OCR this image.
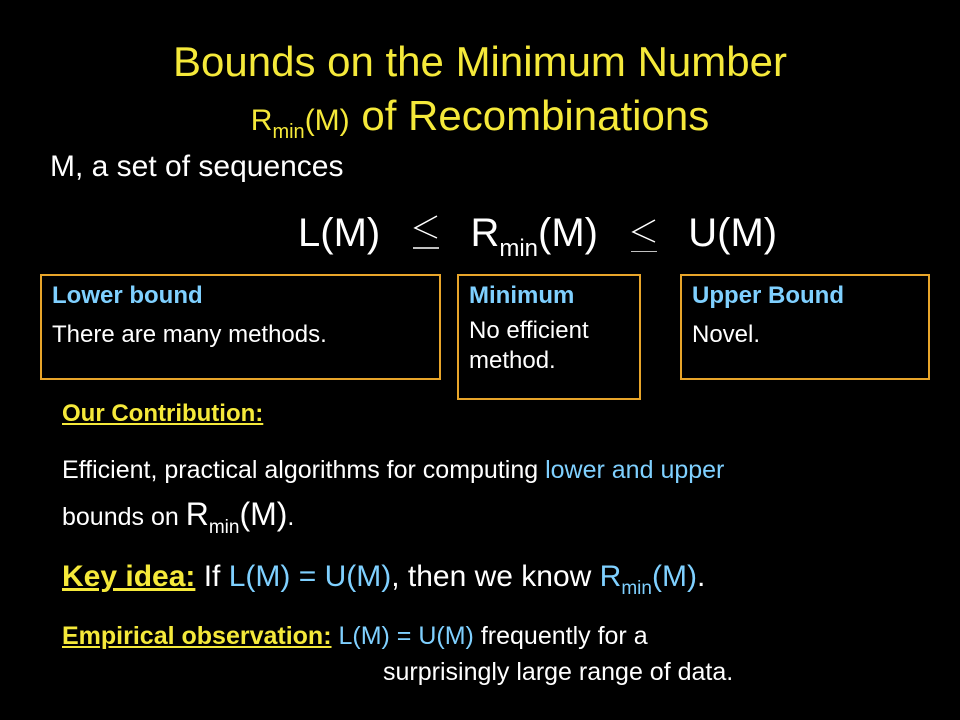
Bounds on the Minimum Number
$R_{min}(M)$ of Recombinations
M, a set of sequences
L(M) $R_{min}(M)$ U(M)
Lower bound
There are many methods.
Minimum
No efficient method.
Upper Bound
Novel.
Our Contribution:
Efficient, practical algorithms for computing lower and upper
bounds on $R_{min}(M)$.
Key idea: If L(M) = U(M), then we know $R_{min}(M)$.
Empirical observation: L(M) = U(M) frequently for a
surprisingly large range of data.
